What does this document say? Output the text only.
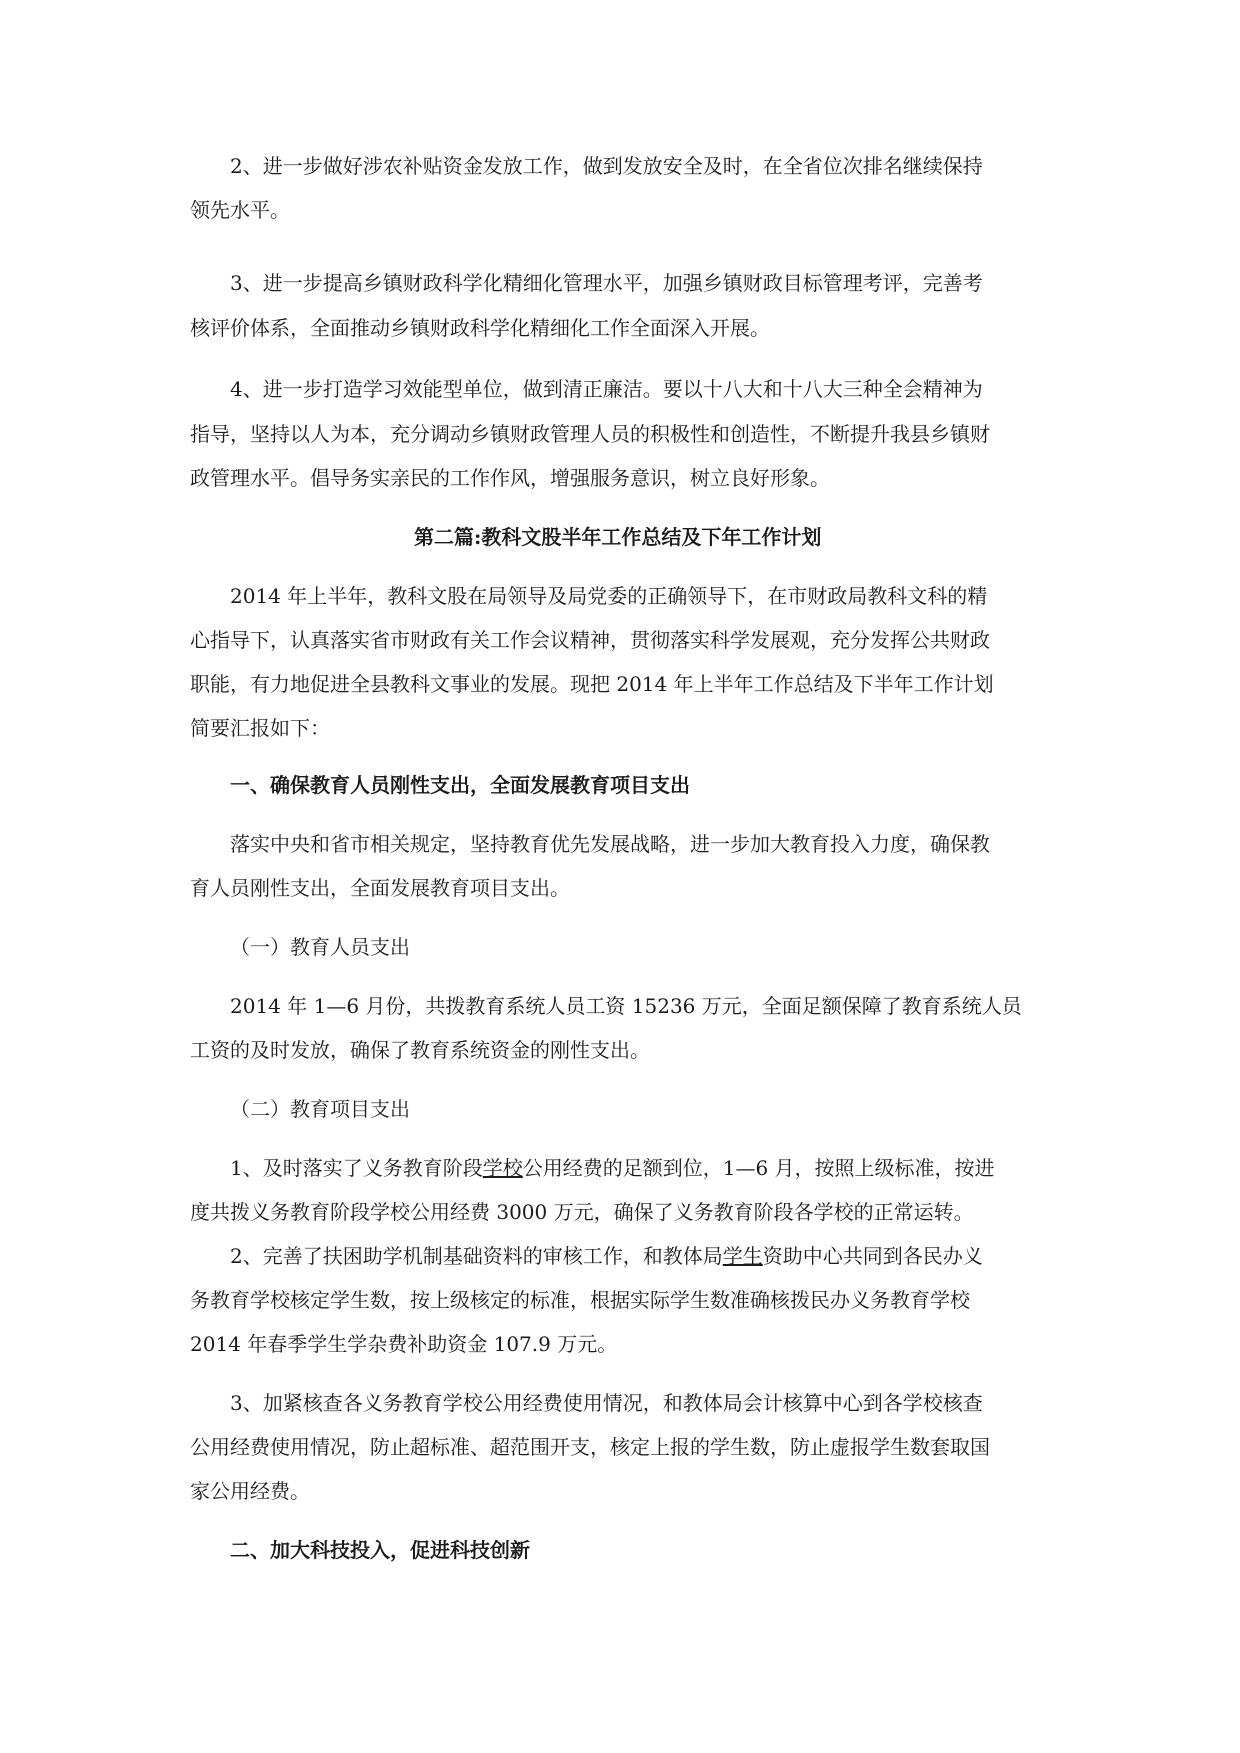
2、进一步做好涉农补贴资金发放工作，做到发放安全及时，在全省位次排名继续保持
领先水平。
3、进一步提高乡镇财政科学化精细化管理水平，加强乡镇财政目标管理考评，完善考
核评价体系，全面推动乡镇财政科学化精细化工作全面深入开展。
4、进一步打造学习效能型单位，做到清正廉洁。要以十八大和十八大三种全会精神为
指导，坚持以人为本，充分调动乡镇财政管理人员的积极性和创造性，不断提升我县乡镇财
政管理水平。倡导务实亲民的工作作风，增强服务意识，树立良好形象。
第二篇:教科文股半年工作总结及下年工作计划
2014 年上半年，教科文股在局领导及局党委的正确领导下，在市财政局教科文科的精
心指导下，认真落实省市财政有关工作会议精神，贯彻落实科学发展观，充分发挥公共财政
职能，有力地促进全县教科文事业的发展。现把 2014 年上半年工作总结及下半年工作计划
简要汇报如下：
一、确保教育人员刚性支出，全面发展教育项目支出
落实中央和省市相关规定，坚持教育优先发展战略，进一步加大教育投入力度，确保教
育人员刚性支出，全面发展教育项目支出。
（一）教育人员支出
2014 年 1—6 月份，共拨教育系统人员工资 15236 万元，全面足额保障了教育系统人员
工资的及时发放，确保了教育系统资金的刚性支出。
（二）教育项目支出
1、及时落实了义务教育阶段学校公用经费的足额到位，1—6 月，按照上级标准，按进
度共拨义务教育阶段学校公用经费 3000 万元，确保了义务教育阶段各学校的正常运转。
2、完善了扶困助学机制基础资料的审核工作，和教体局学生资助中心共同到各民办义
务教育学校核定学生数，按上级核定的标准，根据实际学生数准确核拨民办义务教育学校
2014 年春季学生学杂费补助资金 107.9 万元。
3、加紧核查各义务教育学校公用经费使用情况，和教体局会计核算中心到各学校核查
公用经费使用情况，防止超标准、超范围开支，核定上报的学生数，防止虚报学生数套取国
家公用经费。
二、加大科技投入，促进科技创新
